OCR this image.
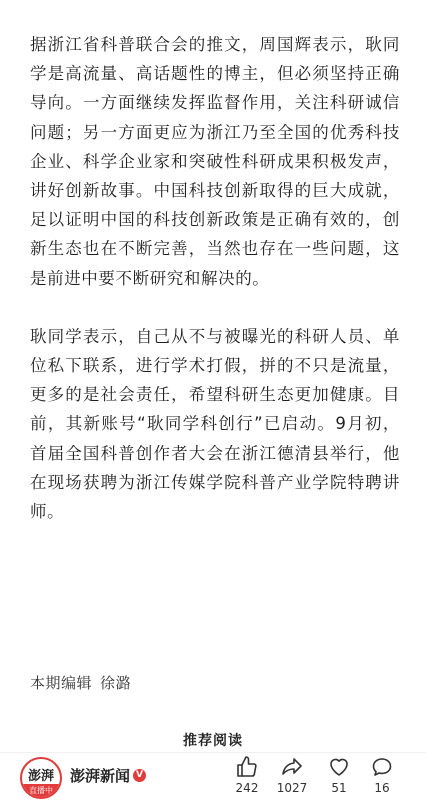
据浙江省科普联合会的推文，周国辉表示，耿同学是高流量、高话题性的博主，但必须坚持正确导向。一方面继续发挥监督作用，关注科研诚信问题；另一方面更应为浙江乃至全国的优秀科技企业、科学企业家和突破性科研成果积极发声，讲好创新故事。中国科技创新取得的巨大成就，足以证明中国的科技创新政策是正确有效的，创新生态也在不断完善，当然也存在一些问题，这是前进中要不断研究和解决的。

耿同学表示，自己从不与被曝光的科研人员、单位私下联系，进行学术打假，拼的不只是流量，更多的是社会责任，希望科研生态更加健康。目前，其新账号“耿同学科创行”已启动。9月初，首届全国科普创作者大会在浙江德清县举行，他在现场获聘为浙江传媒学院科普产业学院特聘讲师。

本期编辑 徐潞
推荐阅读
澎湃
直播中
澎湃新闻 V
242	1027	51	16
